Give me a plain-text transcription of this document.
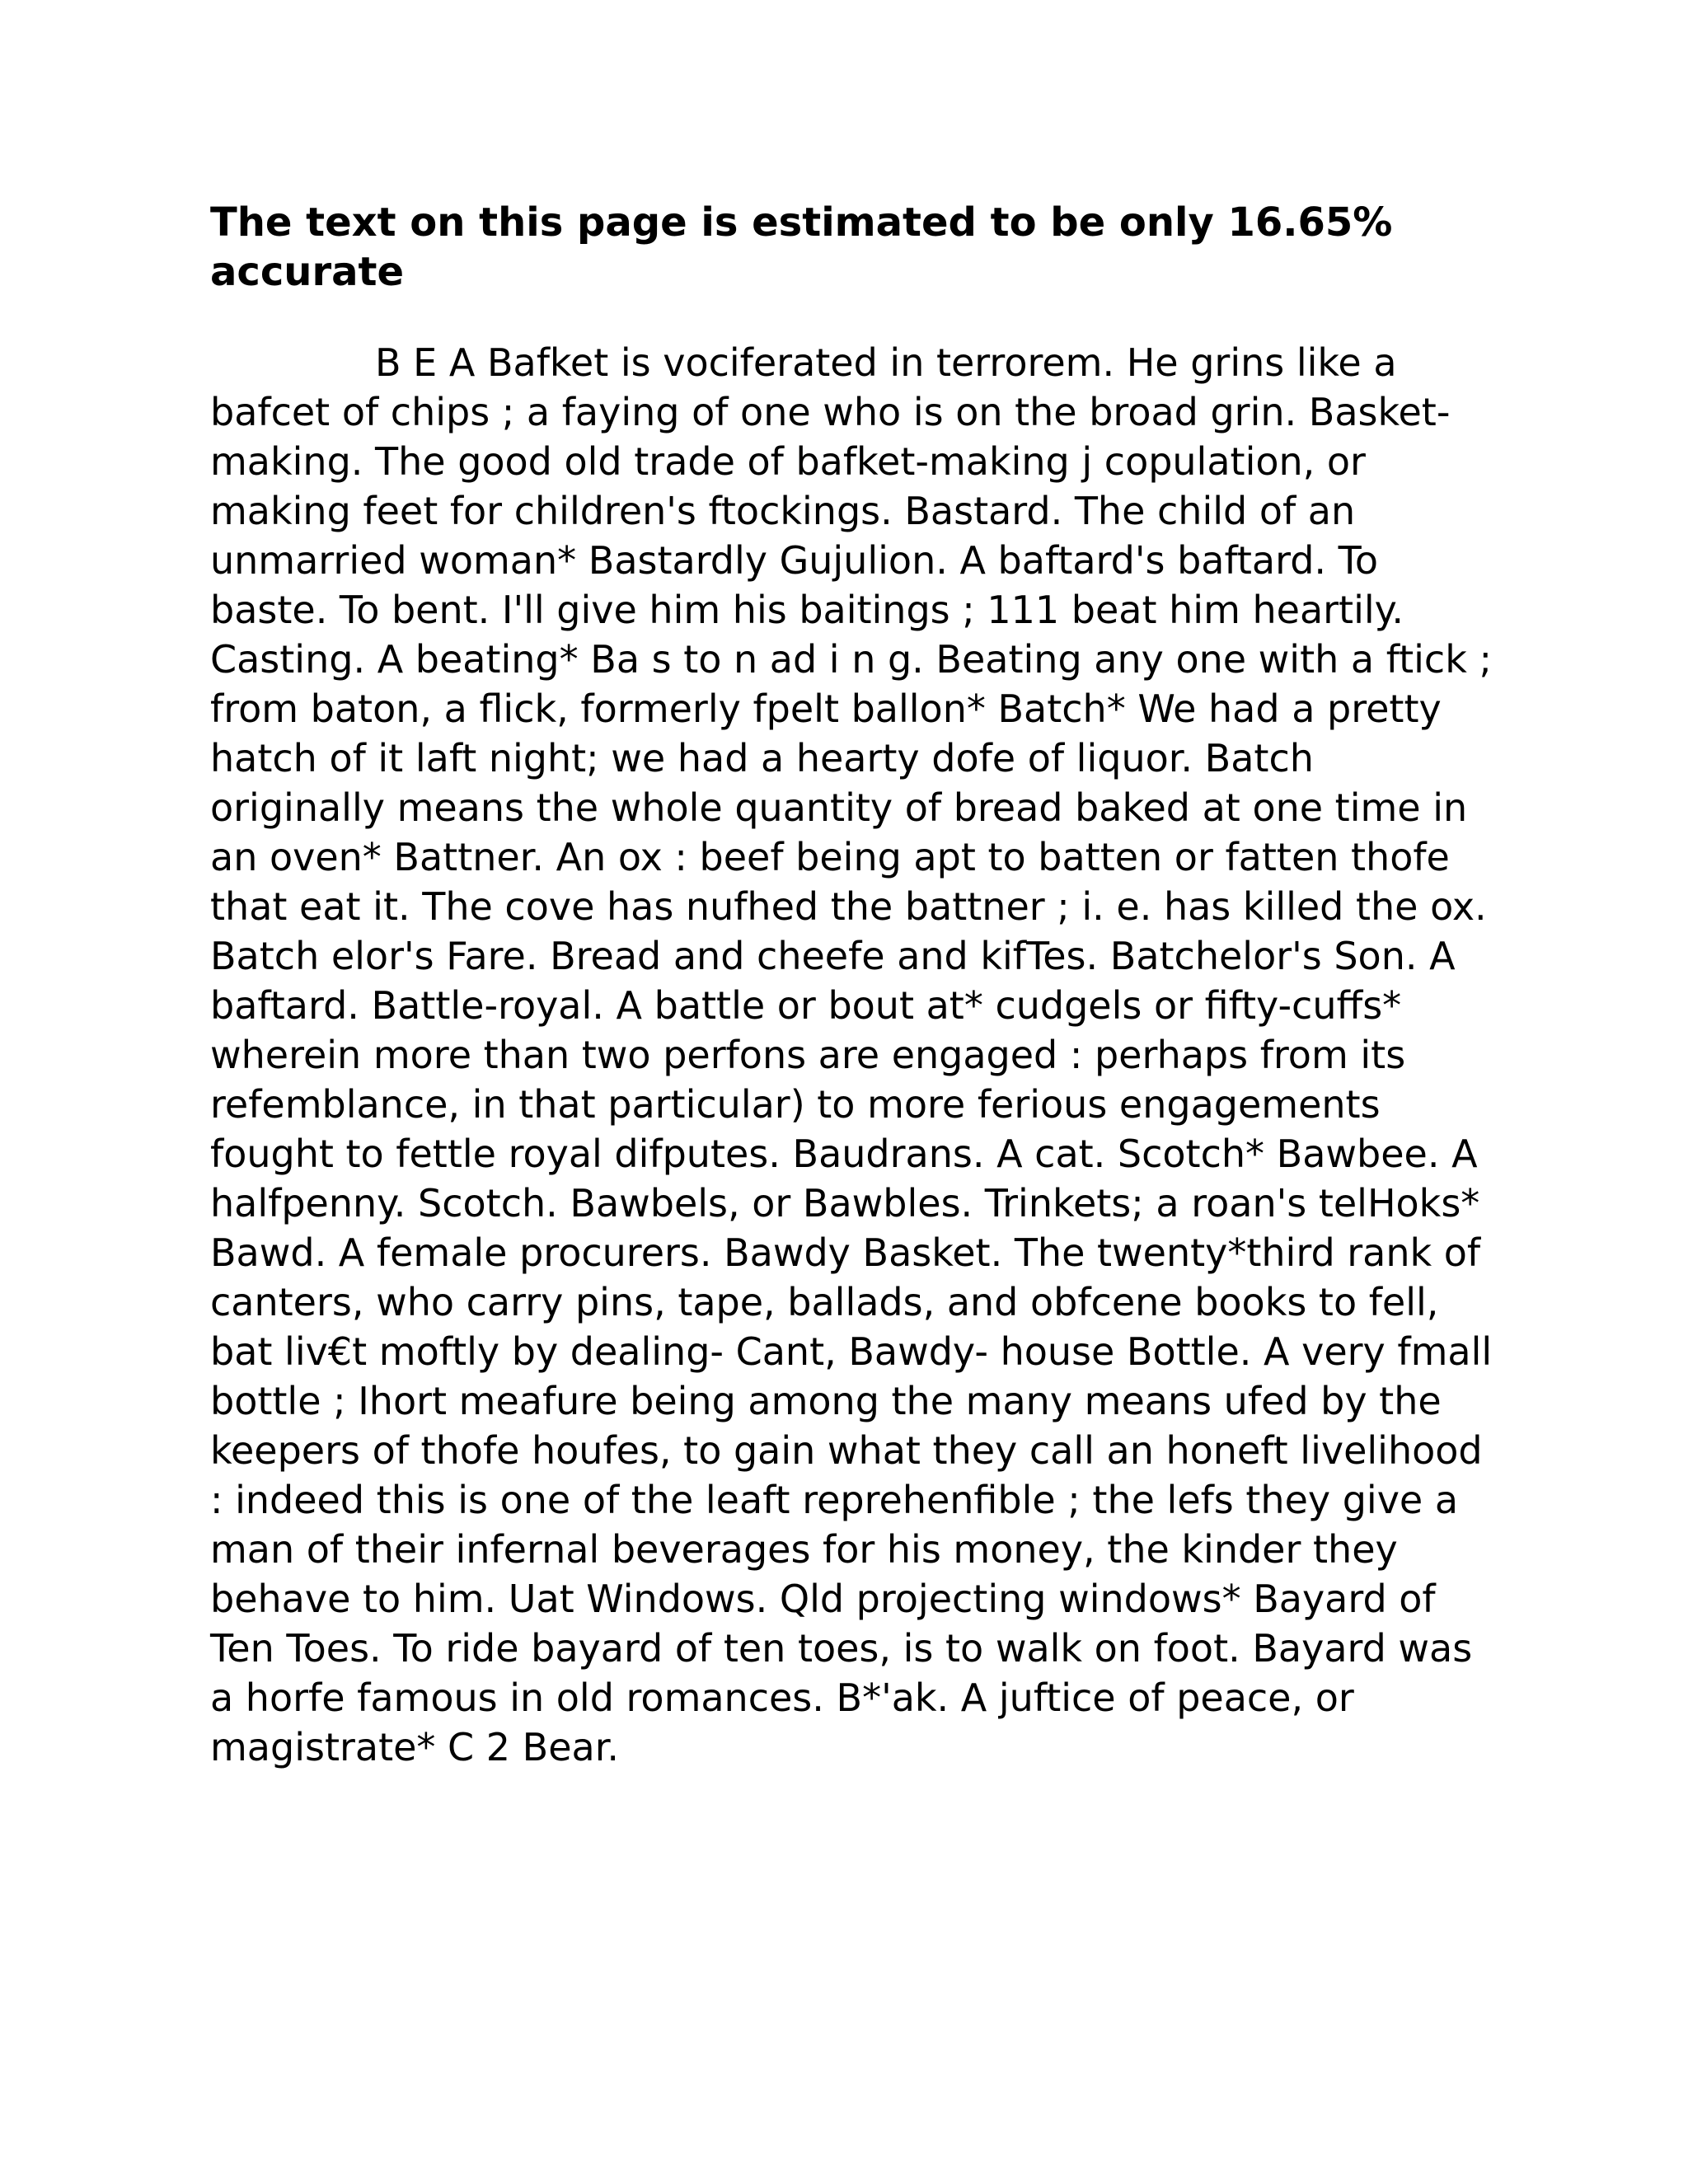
The text on this page is estimated to be only 16.65% accurate

B E A Bafket is vociferated in terrorem. He grins like a bafcet of chips ; a faying of one who is on the broad grin. Basket- making. The good old trade of bafket-making j copulation, or making feet for children's ftockings. Bastard. The child of an unmarried woman* Bastardly Gujulion. A baftard's baftard. To baste. To bent. I'll give him his baitings ; 111 beat him heartily. Casting. A beating* Ba s to n ad i n g. Beating any one with a ftick ; from baton, a flick, formerly fpelt ballon* Batch* We had a pretty hatch of it laft night; we had a hearty dofe of liquor. Batch originally means the whole quantity of bread baked at one time in an oven* Battner. An ox : beef being apt to batten or fatten thofe that eat it. The cove has nufhed the battner ; i. e. has killed the ox. Batch elor's Fare. Bread and cheefe and kifTes. Batchelor's Son. A baftard. Battle-royal. A battle or bout at* cudgels or fifty-cuffs* wherein more than two perfons are engaged : perhaps from its refemblance, in that particular) to more ferious engagements fought to fettle royal difputes. Baudrans. A cat. Scotch* Bawbee. A halfpenny. Scotch. Bawbels, or Bawbles. Trinkets; a roan's telHoks* Bawd. A female procurers. Bawdy Basket. The twenty*third rank of canters, who carry pins, tape, ballads, and obfcene books to fell, bat liv€t moftly by dealing- Cant, Bawdy- house Bottle. A very fmall bottle ; Ihort meafure being among the many means ufed by the keepers of thofe houfes, to gain what they call an honeft livelihood : indeed this is one of the leaft reprehenfible ; the lefs they give a man of their infernal beverages for his money, the kinder they behave to him. Uat Windows. Qld projecting windows* Bayard of Ten Toes. To ride bayard of ten toes, is to walk on foot. Bayard was a horfe famous in old romances. B*'ak. A juftice of peace, or magistrate* C 2 Bear.
